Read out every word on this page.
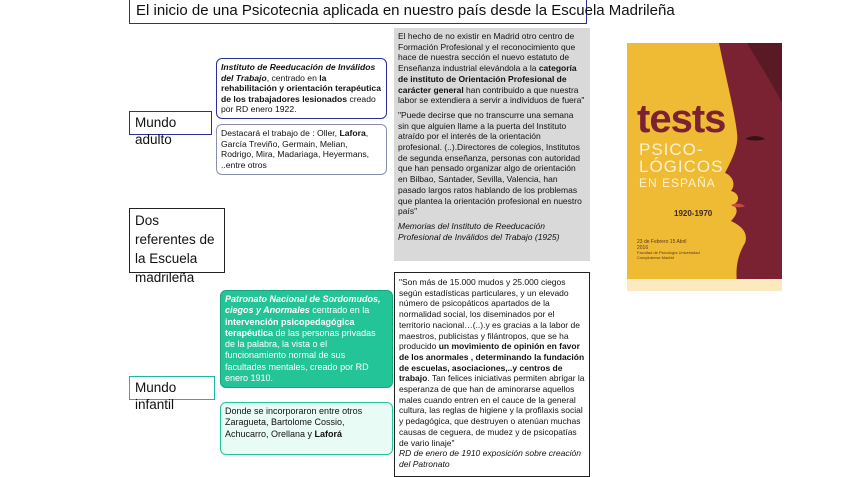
El inicio de una Psicotecnia aplicada en nuestro país desde la Escuela Madrileña
Mundo adulto
Dos referentes de la Escuela madrileña
Mundo infantil
Instituto de Reeducación de Inválidos del Trabajo, centrado en la rehabilitación y orientación terapéutica de los trabajadores lesionados creado por RD enero 1922.
Destacará el trabajo de : Oller, Lafora, García Treviño, Germain, Melian, Rodrigo, Mira, Madariaga, Heyermans, ..entre otros
Patronato Nacional de Sordomudos, ciegos y Anormales centrado en la intervención psicopedagógica terapéutica de las personas privadas de la palabra, la vista o el funcionamiento normal de sus facultades mentales, creado por RD enero 1910.
Donde se incorporaron entre otros Zaragueta, Bartolome Cossio, Achucarro, Orellana y Laforá

El hecho de no existir en Madrid otro centro de Formación Profesional y el reconocimiento que hace de nuestra sección el nuevo estatuto de Enseñanza industrial elevándola a la categoría de instituto de Orientación Profesional de carácter general han contribuido a que nuestra labor se extendiera a servir a individuos de fuera"

"Puede decirse que no transcurre una semana sin que alguien llame a la puerta del Instituto atraído por el interés de la orientación profesional. (..).Directores de colegios, Institutos de segunda enseñanza, personas con autoridad que han pensado organizar algo de orientación en Bilbao, Santader, Sevilla, Valencia, han pasado largos ratos hablando de los problemas que plantea la orientación profesional en nuestro país"

Memorias del Instituto de Reeducación Profesional de Inválidos del Trabajo (1925)

"Son más de 15.000 mudos y 25.000 ciegos según estadísticas particulares, y un elevado número de psicopáticos apartados de la normalidad social, los diseminados por el territorio nacional…(..).y es gracias a la labor de maestros, publicistas y filántropos, que se ha producido un movimiento de opinión en favor de los anormales , determinando la fundación de escuelas, asociaciones,..y centros de trabajo. Tan felices iniciativas permiten abrigar la esperanza de que han de aminorarse aquellos males cuando entren en el cauce de la general cultura, las reglas de higiene y la profilaxis social y pedagógica, que destruyen o atenúan muchas causas de ceguera, de mudez y de psicopatías de vario linaje"
RD de enero de 1910 exposición sobre creación del Patronato
tests
PSICO-
LÓGICOS
EN ESPAÑA
1920-1970
23 de Febrero 15 Abril 2016
Facultad de Psicología Universidad Complutense Madrid
